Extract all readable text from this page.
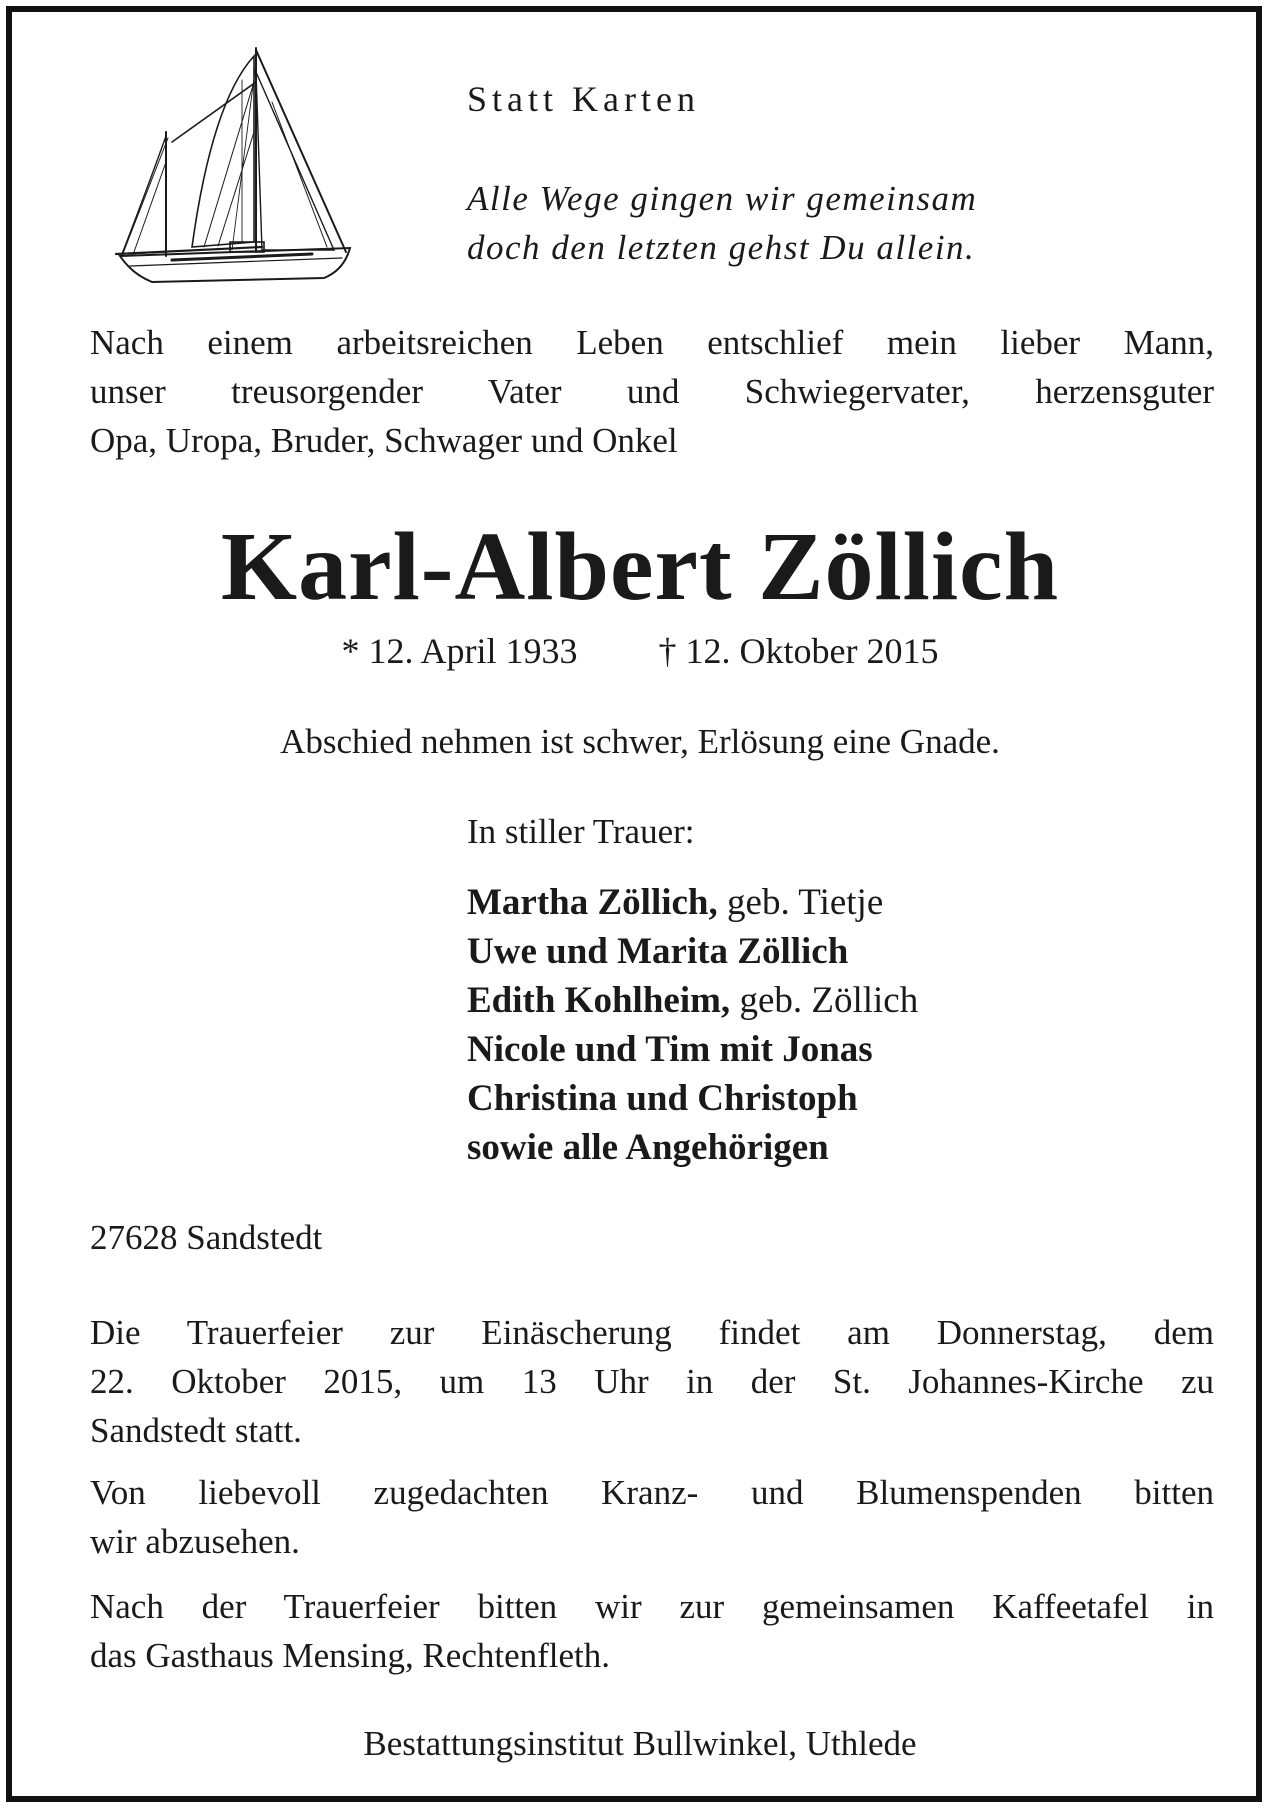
Statt Karten

Alle Wege gingen wir gemeinsam
doch den letzten gehst Du allein.
Nach einem arbeitsreichen Leben entschlief mein lieber Mann,
unser treusorgender Vater und Schwiegervater, herzensguter
Opa, Uropa, Bruder, Schwager und Onkel
Karl-Albert Zöllich
* 12. April 1933 † 12. Oktober 2015
Abschied nehmen ist schwer, Erlösung eine Gnade.
In stiller Trauer:
Martha Zöllich, geb. Tietje
Uwe und Marita Zöllich
Edith Kohlheim, geb. Zöllich
Nicole und Tim mit Jonas
Christina und Christoph
sowie alle Angehörigen
27628 Sandstedt
Die Trauerfeier zur Einäscherung findet am Donnerstag, dem
22. Oktober 2015, um 13 Uhr in der St. Johannes-Kirche zu
Sandstedt statt.
Von liebevoll zugedachten Kranz- und Blumenspenden bitten
wir abzusehen.
Nach der Trauerfeier bitten wir zur gemeinsamen Kaffeetafel in
das Gasthaus Mensing, Rechtenfleth.
Bestattungsinstitut Bullwinkel, Uthlede
